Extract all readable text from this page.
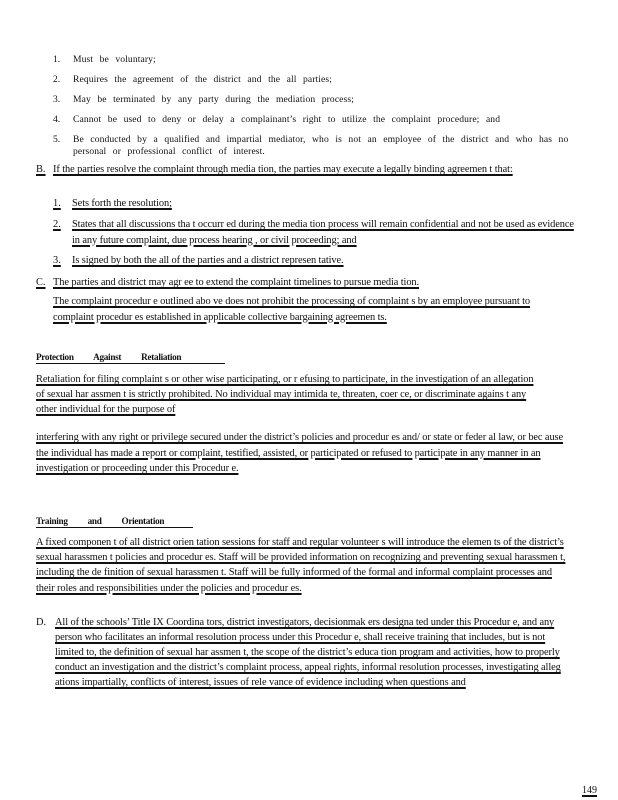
1.	Must be voluntary;
2.	Requires the agreement of the district and the all parties;
3.	May be terminated by any party during the mediation process;
4.	Cannot be used to deny or delay a complainant’s right to utilize the complaint procedure; and
5.	Be conducted by a qualified and impartial mediator, who is not an employee of the district and who has no personal or professional conflict of interest.
B. If the parties resolve the complaint through media tion, the parties may execute a legally binding agreemen t that:
1. Sets forth the resolution;
2. States that all discussions tha t occurr ed during the media tion process will remain confidential and not be used as evidence in any future complaint, due process hearing , or civil proceeding; and
3. Is signed by both the all of the parties and a district represen tative.
C. The parties and district may agr ee to extend the complaint timelines to pursue media tion.
The complaint procedur e outlined abo ve does not prohibit the processing of complaint s by an employee pursuant to complaint procedur es established in applicable collective bargaining agreemen ts.
Protection Against Retaliation
Retaliation for filing complaint s or other wise participating, or r efusing to participate, in the investigation of an allegation of sexual har assmen t is strictly prohibited. No individual may intimida te, threaten, coer ce, or discriminate agains t any other individual for the purpose of
interfering with any right or privilege secured under the district’s policies and procedur es and/ or state or feder al law, or bec ause the individual has made a report or complaint, testified, assisted, or participated or refused to participate in any manner in an investigation or proceeding under this Procedur e.
Training and Orientation
A fixed componen t of all district orien tation sessions for staff and regular volunteer s will introduce the elemen ts of the district’s sexual harassmen t policies and procedur es. Staff will be provided information on recognizing and preventing sexual harassmen t, including the de finition of sexual harassmen t. Staff will be fully informed of the formal and informal complaint processes and their roles and responsibilities under the policies and procedur es.
D. All of the schools’ Title IX Coordina tors, district investigators, decisionmak ers designa ted under this Procedur e, and any person who facilitates an informal resolution process under this Procedur e, shall receive training that includes, but is not limited to, the definition of sexual har assmen t, the scope of the district’s educa tion program and activities, how to properly conduct an investigation and the district’s complaint process, appeal rights, informal resolution processes, investigating alleg ations impartially, conflicts of interest, issues of rele vance of evidence including when questions and
149
